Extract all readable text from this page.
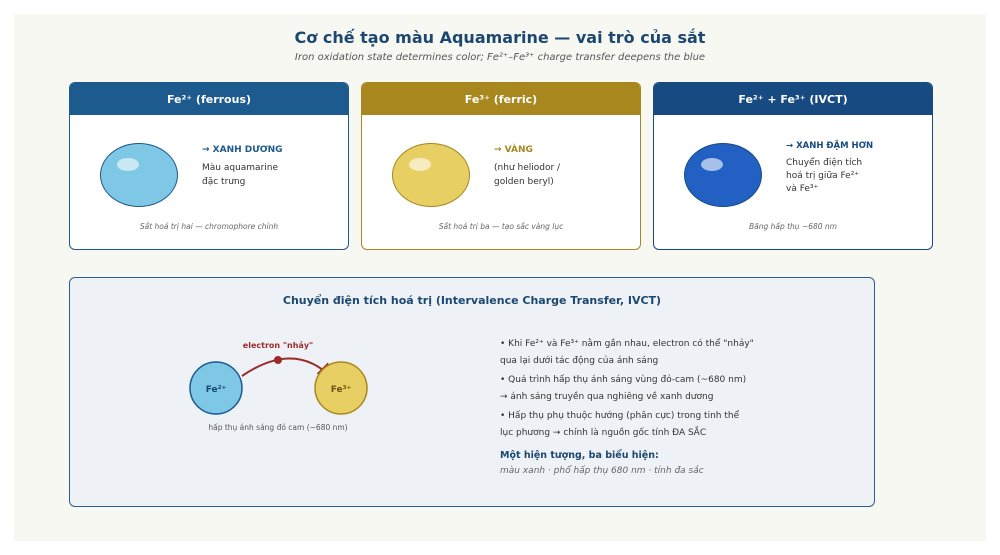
Cơ chế tạo màu Aquamarine — vai trò của sắt
Iron oxidation state determines color; Fe²⁺–Fe³⁺ charge transfer deepens the blue
Fe²⁺ (ferrous)
→ XANH DƯƠNG
Màu aquamarine
đặc trưng
Sắt hoá trị hai — chromophore chính
Fe³⁺ (ferric)
→ VÀNG
(như heliodor /
golden beryl)
Sắt hoá trị ba — tạo sắc vàng lục
Fe²⁺ + Fe³⁺ (IVCT)
→ XANH ĐẬM HƠN
Chuyển điện tích
hoá trị giữa Fe²⁺
và Fe³⁺
Băng hấp thụ ~680 nm
Chuyển điện tích hoá trị (Intervalence Charge Transfer, IVCT)
electron "nhảy"
Fe²⁺	Fe³⁺
hấp thụ ánh sáng đỏ cam (~680 nm)

• Khi Fe²⁺ và Fe³⁺ nằm gần nhau, electron có thể "nhảy"
qua lại dưới tác động của ánh sáng

• Quá trình hấp thụ ánh sáng vùng đỏ-cam (~680 nm)
→ ánh sáng truyền qua nghiêng về xanh dương

• Hấp thụ phụ thuộc hướng (phân cực) trong tinh thể
lục phương → chính là nguồn gốc tính ĐA SẮC

Một hiện tượng, ba biểu hiện:
màu xanh · phổ hấp thụ 680 nm · tính đa sắc
